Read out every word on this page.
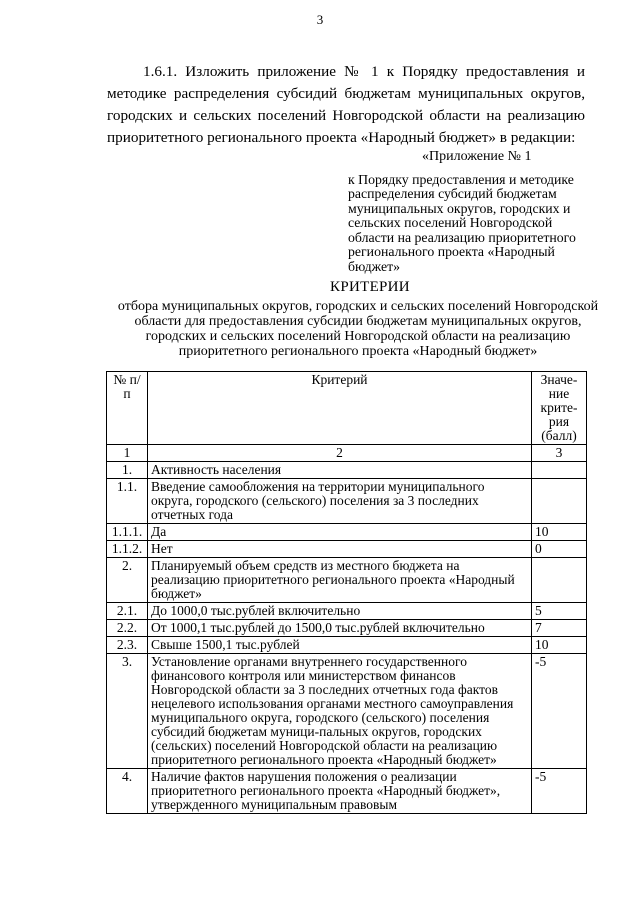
3
1.6.1. Изложить приложение № 1 к Порядку предоставления и методике распределения субсидий бюджетам муниципальных округов, городских и сельских поселений Новгородской области на реализацию приоритетного регионального проекта «Народный бюджет» в редакции:
«Приложение № 1
к Порядку предоставления и методике распределения субсидий бюджетам муниципальных округов, городских и сельских поселений Новгородской области на реализацию приоритетного регионального проекта «Народный бюджет»
КРИТЕРИИ
отбора муниципальных округов, городских и сельских поселений Новгородской области для предоставления субсидии бюджетам муниципальных округов, городских и сельских поселений Новгородской области на реализацию приоритетного регионального проекта «Народный бюджет»
№ п/п	Критерий	Значе-ние крите-рия (балл)
1	2	3
1.	Активность населения	
1.1.	Введение самообложения на территории муниципального округа, городского (сельского) поселения за 3 последних отчетных года	
1.1.1.	Да	10
1.1.2.	Нет	0
2.	Планируемый объем средств из местного бюджета на реализацию приоритетного регионального проекта «Народный бюджет»	
2.1.	До 1000,0 тыс.рублей включительно	5
2.2.	От 1000,1 тыс.рублей до 1500,0 тыс.рублей включительно	7
2.3.	Свыше 1500,1 тыс.рублей	10
3.	Установление органами внутреннего государственного финансового контроля или министерством финансов Новгородской области за 3 последних отчетных года фактов нецелевого использования органами местного самоуправления муниципального округа, городского (сельского) поселения субсидий бюджетам муници-пальных округов, городских (сельских) поселений Новгородской области на реализацию приоритетного регионального проекта «Народный бюджет»	-5
4.	Наличие фактов нарушения положения о реализации приоритетного регионального проекта «Народный бюджет», утвержденного муниципальным правовым	-5
